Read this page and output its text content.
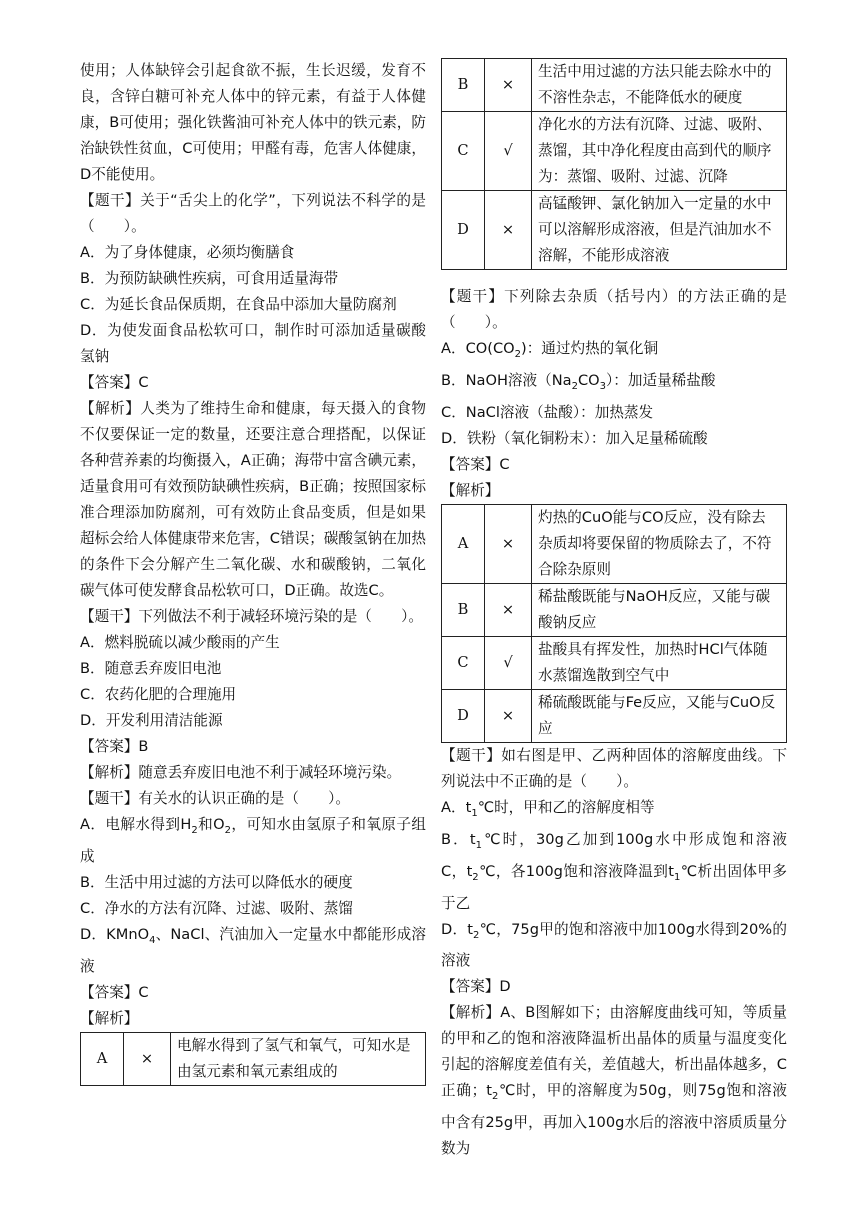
使用；人体缺锌会引起食欲不振，生长迟缓，发育不良，含锌白糖可补充人体中的锌元素，有益于人体健康，B可使用；强化铁酱油可补充人体中的铁元素，防治缺铁性贫血，C可使用；甲醛有毒，危害人体健康，D不能使用。

【题干】关于“舌尖上的化学”，下列说法不科学的是（　　）。

A．为了身体健康，必须均衡膳食

B．为预防缺碘性疾病，可食用适量海带

C．为延长食品保质期，在食品中添加大量防腐剂

D．为使发面食品松软可口，制作时可添加适量碳酸氢钠

【答案】C

【解析】人类为了维持生命和健康，每天摄入的食物不仅要保证一定的数量，还要注意合理搭配，以保证各种营养素的均衡摄入，A正确；海带中富含碘元素，适量食用可有效预防缺碘性疾病，B正确；按照国家标准合理添加防腐剂，可有效防止食品变质，但是如果超标会给人体健康带来危害，C错误；碳酸氢钠在加热的条件下会分解产生二氧化碳、水和碳酸钠，二氧化碳气体可使发酵食品松软可口，D正确。故选C。

【题干】下列做法不利于减轻环境污染的是（　　）。

A．燃料脱硫以减少酸雨的产生

B．随意丢弃废旧电池

C．农药化肥的合理施用

D．开发利用清洁能源

【答案】B

【解析】随意丢弃废旧电池不利于减轻环境污染。

【题干】有关水的认识正确的是（　　）。

A．电解水得到$H_2$和$O_2$，可知水由氢原子和氧原子组成

B．生活中用过滤的方法可以降低水的硬度

C．净水的方法有沉降、过滤、吸附、蒸馏

D．KMnO$_4$、NaCl、汽油加入一定量水中都能形成溶液

【答案】C

【解析】

A	×	电解水得到了氢气和氧气，可知水是由氢元素和氧元素组成的
B	×	生活中用过滤的方法只能去除水中的不溶性杂志，不能降低水的硬度
C	√	净化水的方法有沉降、过滤、吸附、蒸馏，其中净化程度由高到代的顺序为：蒸馏、吸附、过滤、沉降
D	×	高锰酸钾、氯化钠加入一定量的水中可以溶解形成溶液，但是汽油加水不溶解，不能形成溶液

【题干】下列除去杂质（括号内）的方法正确的是（　　）。

A．$CO(CO_2)$：通过灼热的氧化铜

B．NaOH溶液$(Na_2CO_3)$：加适量稀盐酸

C．NaCl溶液（盐酸）：加热蒸发

D．铁粉（氧化铜粉末）：加入足量稀硫酸

【答案】C

【解析】

A	×	灼热的CuO能与CO反应，没有除去杂质却将要保留的物质除去了，不符合除杂原则
B	×	稀盐酸既能与NaOH反应，又能与碳酸钠反应
C	√	盐酸具有挥发性，加热时HCl气体随水蒸馏逸散到空气中
D	×	稀硫酸既能与Fe反应，又能与CuO反应

【题干】如右图是甲、乙两种固体的溶解度曲线。下列说法中不正确的是（　　）。

A．$t_1℃$时，甲和乙的溶解度相等

B．$t_1℃$时，30g乙加到100g水中形成饱和溶液　C，$t_2℃$，各100g饱和溶液降温到$t_1℃$析出固体甲多于乙

D．$t_2℃$，75g甲的饱和溶液中加100g水得到20%的溶液

【答案】D

【解析】A、B图解如下；由溶解度曲线可知，等质量的甲和乙的饱和溶液降温析出晶体的质量与温度变化引起的溶解度差值有关，差值越大，析出晶体越多，C正确；$t_2℃$时，甲的溶解度为50g，则75g饱和溶液中含有25g甲，再加入100g水后的溶液中溶质质量分数为
